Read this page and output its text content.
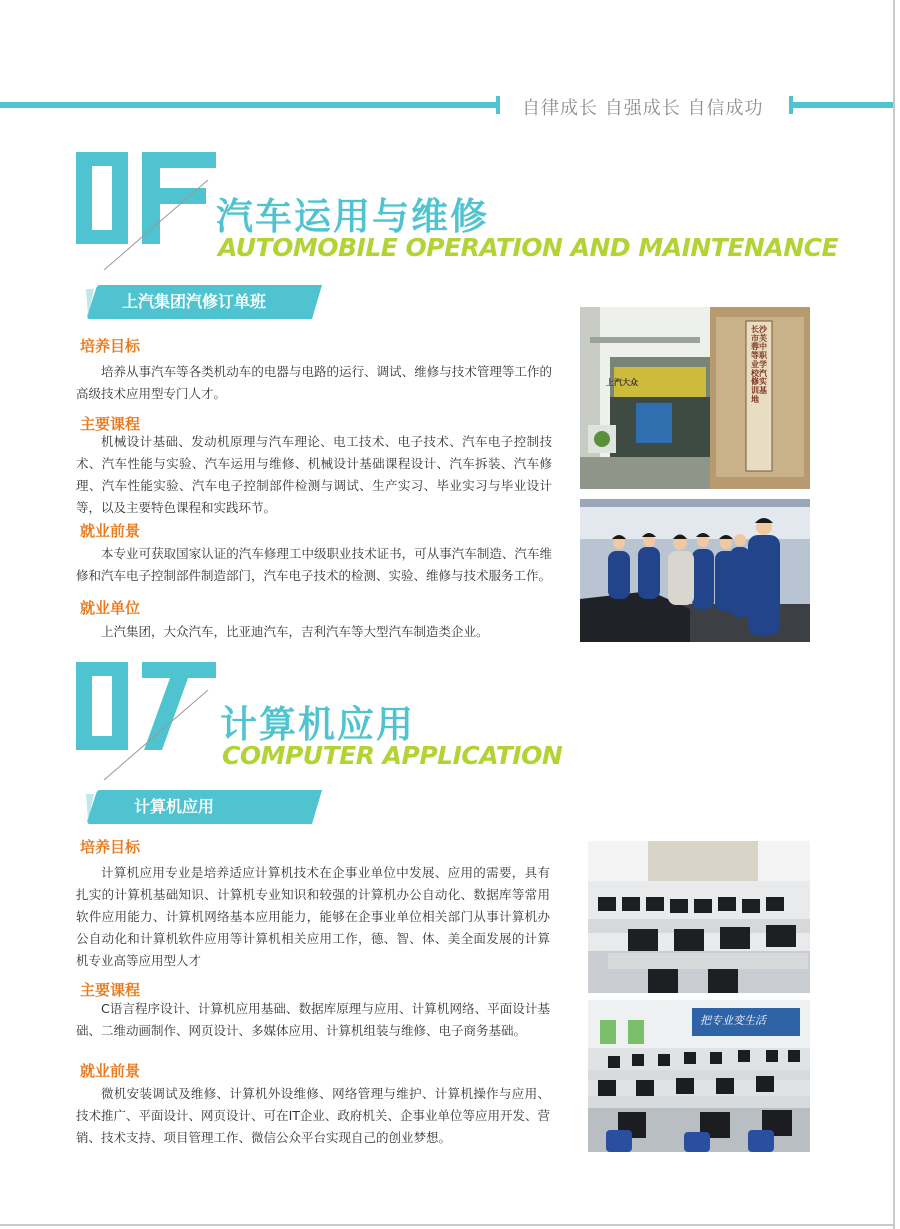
自律成长 自强成长 自信成功
汽车运用与维修
AUTOMOBILE OPERATION AND MAINTENANCE
上汽集团汽修订单班
培养目标
培养从事汽车等各类机动车的电器与电路的运行、调试、维修与技术管理等工作的高级技术应用型专门人才。
主要课程
机械设计基础、发动机原理与汽车理论、电工技术、电子技术、汽车电子控制技术、汽车性能与实验、汽车运用与维修、机械设计基础课程设计、汽车拆装、汽车修理、汽车性能实验、汽车电子控制部件检测与调试、生产实习、毕业实习与毕业设计等，以及主要特色课程和实践环节。
就业前景
本专业可获取国家认证的汽车修理工中级职业技术证书，可从事汽车制造、汽车维修和汽车电子控制部件制造部门，汽车电子技术的检测、实验、维修与技术服务工作。
就业单位
上汽集团，大众汽车，比亚迪汽车，吉利汽车等大型汽车制造类企业。
上汽大众
长沙市芙蓉中等职业学校汽修实训基地
计算机应用
COMPUTER APPLICATION
计算机应用
培养目标
计算机应用专业是培养适应计算机技术在企事业单位中发展、应用的需要，具有扎实的计算机基础知识、计算机专业知识和较强的计算机办公自动化、数据库等常用软件应用能力、计算机网络基本应用能力，能够在企事业单位相关部门从事计算机办公自动化和计算机软件应用等计算机相关应用工作，德、智、体、美全面发展的计算机专业高等应用型人才
主要课程
C语言程序设计、计算机应用基础、数据库原理与应用、计算机网络、平面设计基础、二维动画制作、网页设计、多媒体应用、计算机组装与维修、电子商务基础。
就业前景
微机安装调试及维修、计算机外设维修、网络管理与维护、计算机操作与应用、技术推广、平面设计、网页设计、可在IT企业、政府机关、企事业单位等应用开发、营销、技术支持、项目管理工作、微信公众平台实现自己的创业梦想。
把专业变生活
